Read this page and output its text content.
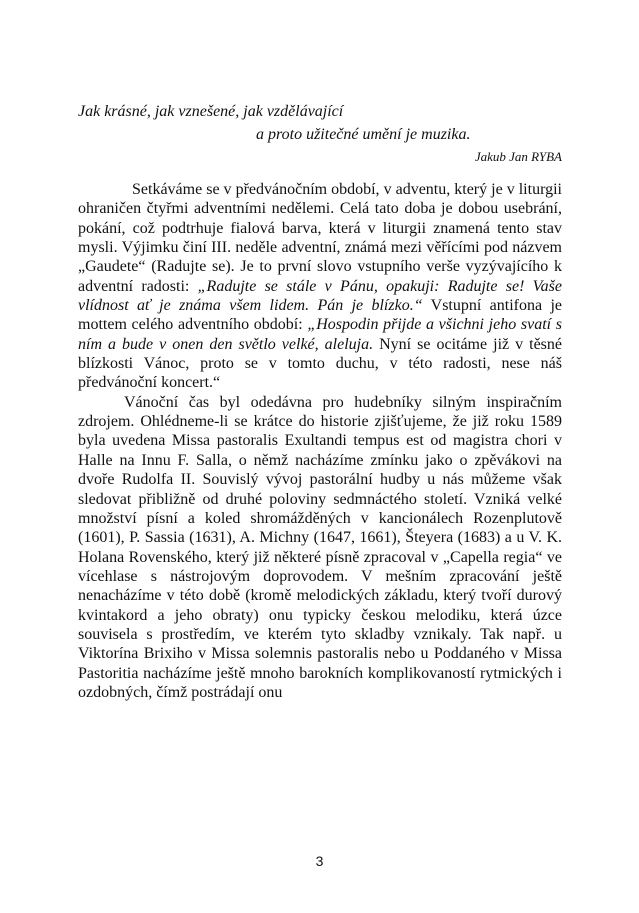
Jak krásné, jak vznešené, jak vzdělávající
a proto užitečné umění je muzika.
Jakub Jan RYBA

Setkáváme se v předvánočním období, v adventu, který je v liturgii ohraničen čtyřmi adventními nedělemi. Celá tato doba je dobou usebrání, pokání, což podtrhuje fialová barva, která v liturgii znamená tento stav mysli. Výjimku činí III. neděle adventní, známá mezi věřícími pod názvem „Gaudete“ (Radujte se). Je to první slovo vstupního verše vyzývajícího k adventní radosti: „Radujte se stále v Pánu, opakuji: Radujte se! Vaše vlídnost ať je známa všem lidem. Pán je blízko.“ Vstupní antifona je mottem celého adventního období: „Hospodin přijde a všichni jeho svatí s ním a bude v onen den světlo velké, aleluja. Nyní se ocitáme již v těsné blízkosti Vánoc, proto se v tomto duchu, v této radosti, nese náš předvánoční koncert.“

Vánoční čas byl odedávna pro hudebníky silným inspiračním zdrojem. Ohlédneme-li se krátce do historie zjišťujeme, že již roku 1589 byla uvedena Missa pastoralis Exultandi tempus est od magistra chori v Halle na Innu F. Salla, o němž nacházíme zmínku jako o zpěvákovi na dvoře Rudolfa II. Souvislý vývoj pastorální hudby u nás můžeme však sledovat přibližně od druhé poloviny sedmnáctého století. Vzniká velké množství písní a koled shromážděných v kancionálech Rozenplutově (1601), P. Sassia (1631), A. Michny (1647, 1661), Šteyera (1683) a u V. K. Holana Rovenského, který již některé písně zpracoval v „Capella regia“ ve vícehlase s nástrojovým doprovodem. V mešním zpracování ještě nenacházíme v této době (kromě melodických základu, který tvoří durový kvintakord a jeho obraty) onu typicky českou melodiku, která úzce souvisela s prostředím, ve kterém tyto skladby vznikaly. Tak např. u Viktorína Brixiho v Missa solemnis pastoralis nebo u Poddaného v Missa Pastoritia nacházíme ještě mnoho barokních komplikovaností rytmických i ozdobných, čímž postrádají onu

3
